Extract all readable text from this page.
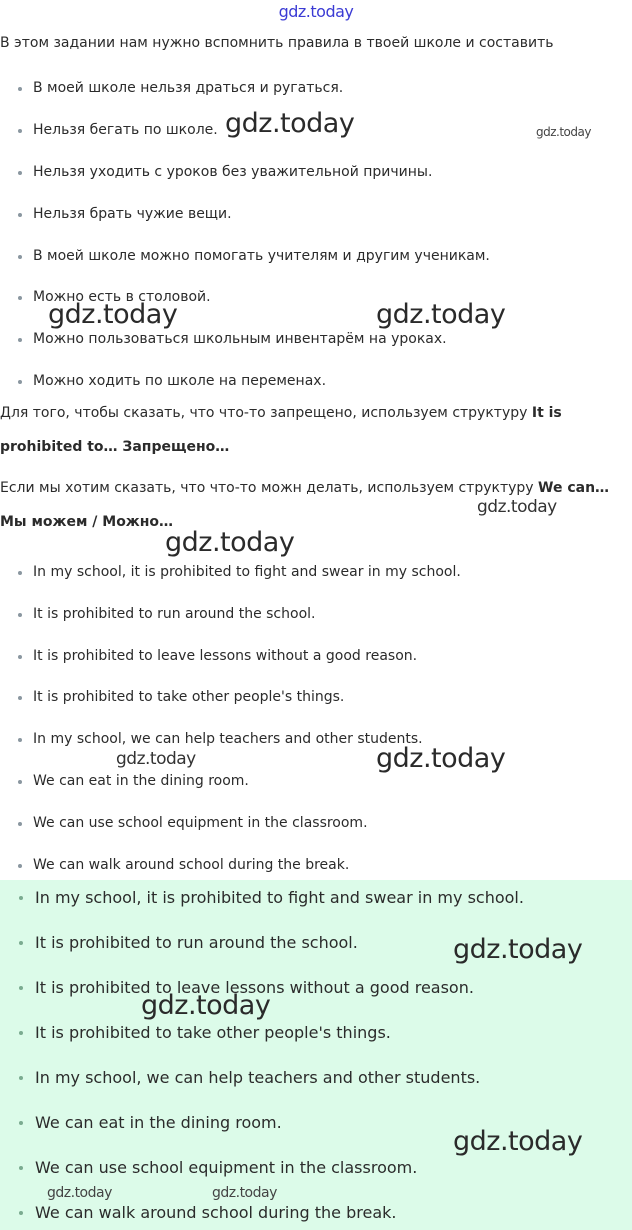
gdz.today
В этом задании нам нужно вспомнить правила в твоей школе и составить
В моей школе нельзя драться и ругаться.
Нельзя бегать по школе.
Нельзя уходить с уроков без уважительной причины.
Нельзя брать чужие вещи.
В моей школе можно помогать учителям и другим ученикам.
Можно есть в столовой.
Можно пользоваться школьным инвентарём на уроках.
Можно ходить по школе на переменах.
Для того, чтобы сказать, что что-то запрещено, используем структуру It is prohibited to… Запрещено…
Если мы хотим сказать, что что-то можн делать, используем структуру We can… Мы можем / Можно…
In my school, it is prohibited to fight and swear in my school.
It is prohibited to run around the school.
It is prohibited to leave lessons without a good reason.
It is prohibited to take other people's things.
In my school, we can help teachers and other students.
We can eat in the dining room.
We can use school equipment in the classroom.
We can walk around school during the break.
In my school, it is prohibited to fight and swear in my school.
It is prohibited to run around the school.
It is prohibited to leave lessons without a good reason.
It is prohibited to take other people's things.
In my school, we can help teachers and other students.
We can eat in the dining room.
We can use school equipment in the classroom.
We can walk around school during the break.
gdz.today	gdz.today
gdz.today	gdz.today
gdz.today
gdz.today
gdz.today	gdz.today
gdz.today
gdz.today
gdz.today
gdz.today	gdz.today
